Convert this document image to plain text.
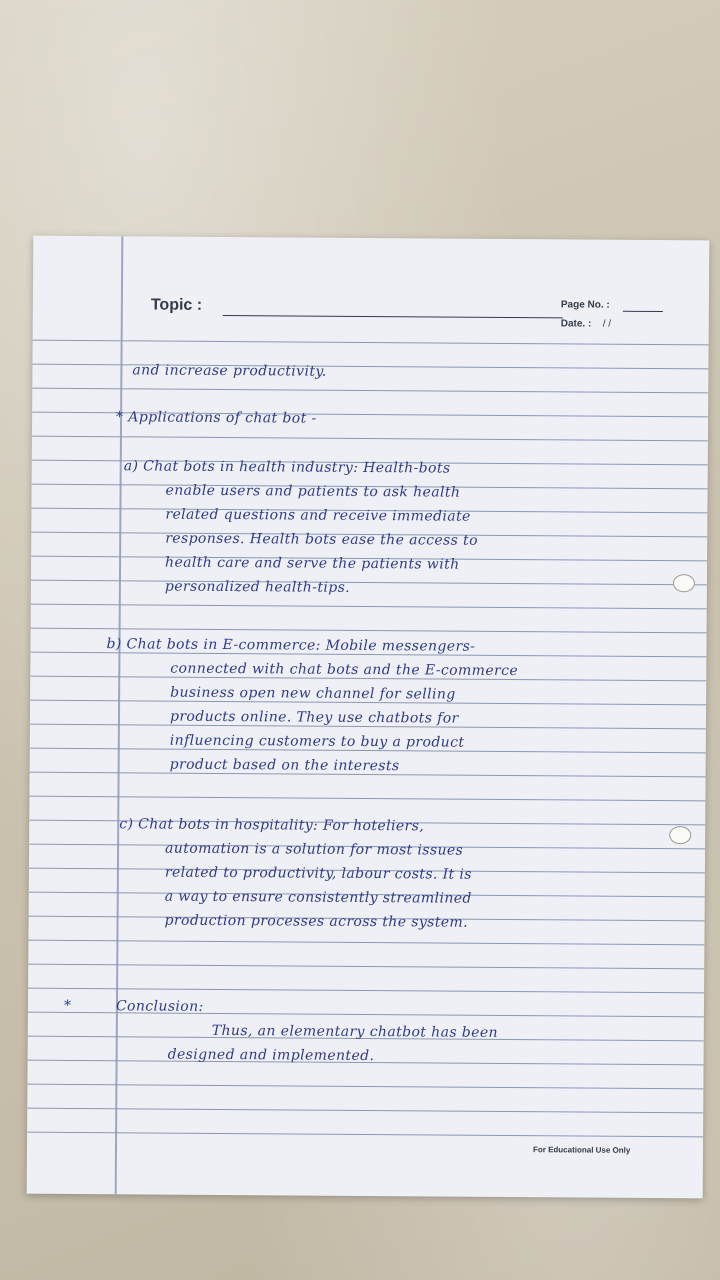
Topic :	Page No. :
Date. : / /
and increase productivity.
* Applications of chat bot -
a) Chat bots in health industry: Health-bots
enable users and patients to ask health
related questions and receive immediate
responses. Health bots ease the access to
health care and serve the patients with
personalized health-tips.
b) Chat bots in E-commerce: Mobile messengers-
connected with chat bots and the E-commerce
business open new channel for selling
products online. They use chatbots for
influencing customers to buy a product
product based on the interests
c) Chat bots in hospitality: For hoteliers,
automation is a solution for most issues
related to productivity, labour costs. It is
a way to ensure consistently streamlined
production processes across the system.
*	Conclusion:
Thus, an elementary chatbot has been
designed and implemented.
For Educational Use Only
